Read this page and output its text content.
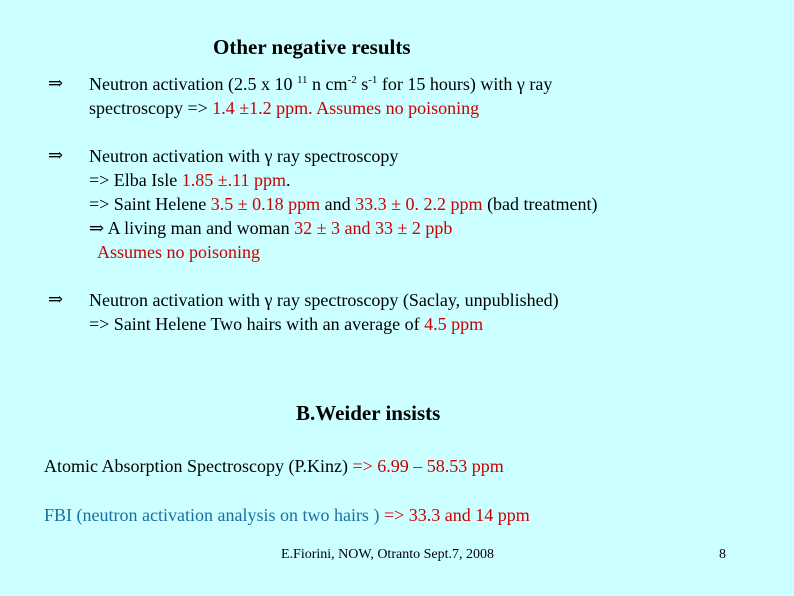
Other negative results
⇒ Neutron activation (2.5 x 10 $^{11}$ n $cm^{-2}$ $s^{-1}$ for 15 hours) with γ ray
spectroscopy => 1.4 ±1.2 ppm. Assumes no poisoning
⇒ Neutron activation with γ ray spectroscopy
=> Elba Isle 1.85 ±.11 ppm.
=> Saint Helene 3.5 ± 0.18 ppm and 33.3 ± 0. 2.2 ppm (bad treatment)
⇒ A living man and woman 32 ± 3 and 33 ± 2 ppb
Assumes no poisoning
⇒ Neutron activation with γ ray spectroscopy (Saclay, unpublished)
=> Saint Helene Two hairs with an average of 4.5 ppm
B.Weider insists
Atomic Absorption Spectroscopy (P.Kinz) => 6.99 – 58.53 ppm
FBI (neutron activation analysis on two hairs ) => 33.3 and 14 ppm
E.Fiorini, NOW, Otranto Sept.7, 2008	8
